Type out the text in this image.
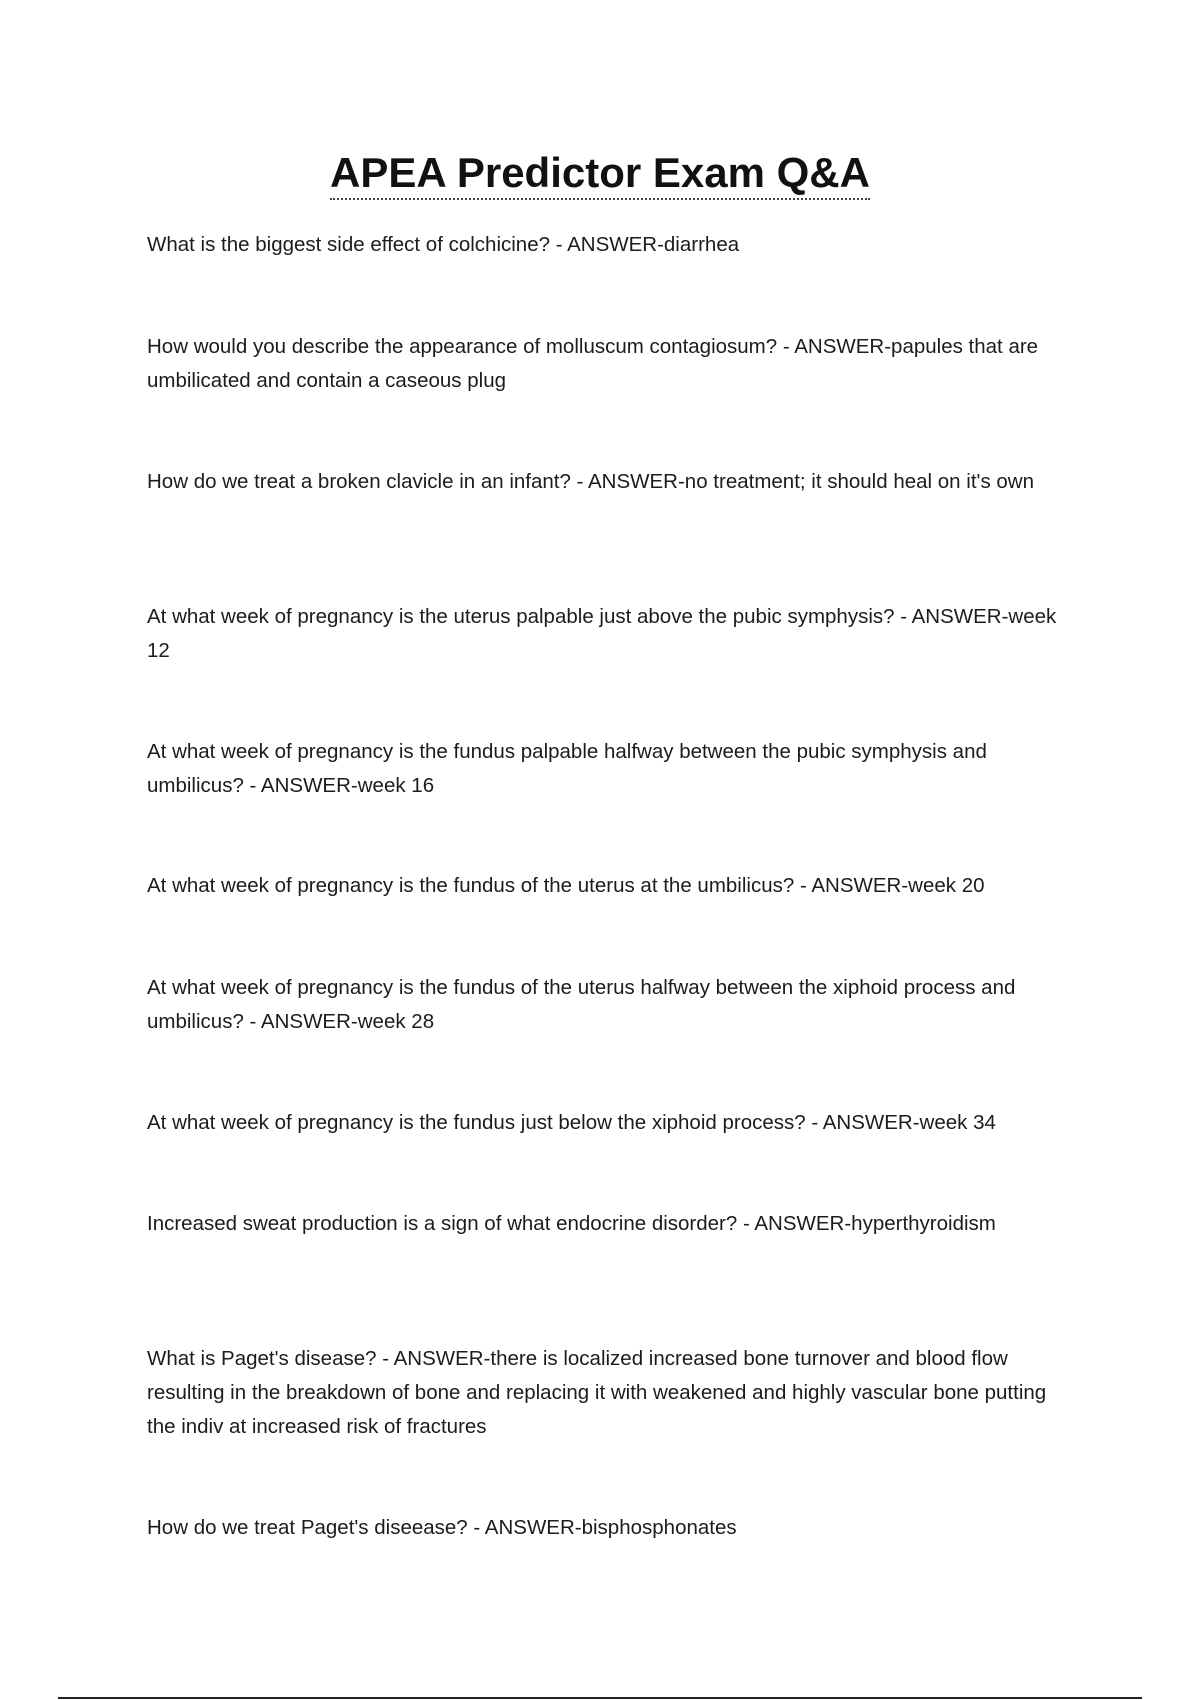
APEA Predictor Exam Q&A

What is the biggest side effect of colchicine? - ANSWER-diarrhea

How would you describe the appearance of molluscum contagiosum? - ANSWER-papules that are umbilicated and contain a caseous plug

How do we treat a broken clavicle in an infant? - ANSWER-no treatment; it should heal on it's own

At what week of pregnancy is the uterus palpable just above the pubic symphysis? - ANSWER-week 12

At what week of pregnancy is the fundus palpable halfway between the pubic symphysis and umbilicus? - ANSWER-week 16

At what week of pregnancy is the fundus of the uterus at the umbilicus? - ANSWER-week 20

At what week of pregnancy is the fundus of the uterus halfway between the xiphoid process and umbilicus? - ANSWER-week 28

At what week of pregnancy is the fundus just below the xiphoid process? - ANSWER-week 34

Increased sweat production is a sign of what endocrine disorder? - ANSWER-hyperthyroidism

What is Paget's disease? - ANSWER-there is localized increased bone turnover and blood flow resulting in the breakdown of bone and replacing it with weakened and highly vascular bone putting the indiv at increased risk of fractures

How do we treat Paget's diseease? - ANSWER-bisphosphonates
